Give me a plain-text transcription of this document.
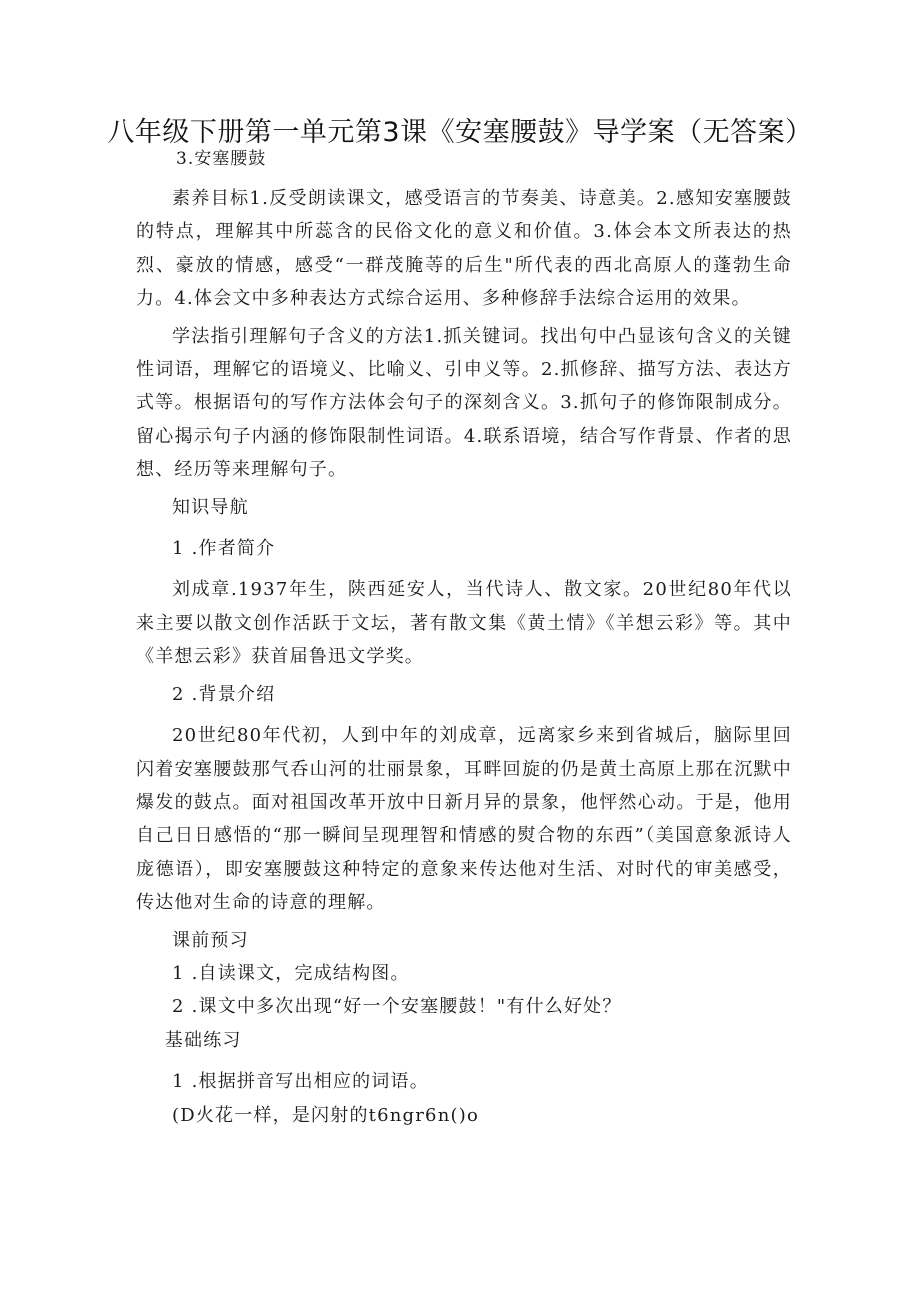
八年级下册第一单元第3课《安塞腰鼓》导学案（无答案）
3.安塞腰鼓

素养目标1.反受朗读课文，感受语言的节奏美、诗意美。2.感知安塞腰鼓的特点，理解其中所蕊含的民俗文化的意义和价值。3.体会本文所表达的热烈、豪放的情感，感受“一群茂腌䓁的后生"所代表的西北高原人的蓬勃生命力。4.体会文中多种表达方式综合运用、多种修辞手法综合运用的效果。

学法指引理解句子含义的方法1.抓关键词。找出句中凸显该句含义的关键性词语，理解它的语境义、比喻义、引申义等。2.抓修辞、描写方法、表达方式等。根据语句的写作方法体会句子的深刻含义。3.抓句子的修饰限制成分。留心揭示句子内涵的修饰限制性词语。4.联系语境，结合写作背景、作者的思想、经历等来理解句子。

知识导航

1 .作者简介

刘成章.1937年生，陕西延安人，当代诗人、散文家。20世纪80年代以来主要以散文创作活跃于文坛，著有散文集《黄土情》《羊想云彩》等。其中《羊想云彩》获首届鲁迅文学奖。

2 .背景介绍

20世纪80年代初，人到中年的刘成章，远离家乡来到省城后，脑际里回闪着安塞腰鼓那气呑山河的壮丽景象，耳畔回旋的仍是黄土高原上那在沉默中爆发的鼓点。面对祖国改革开放中日新月异的景象，他怦然心动。于是，他用自己日日感悟的“那一瞬间呈现理智和情感的熨合物的东西”（美国意象派诗人庞德语），即安塞腰鼓这种特定的意象来传达他对生活、对时代的审美感受，传达他对生命的诗意的理解。

课前预习

1 .自读课文，完成结构图。

2 .课文中多次出现“好一个安塞腰鼓！"有什么好处？

基础练习

1 .根据拼音写出相应的词语。

(D火花一样，是闪射的t6ngr6n()o
